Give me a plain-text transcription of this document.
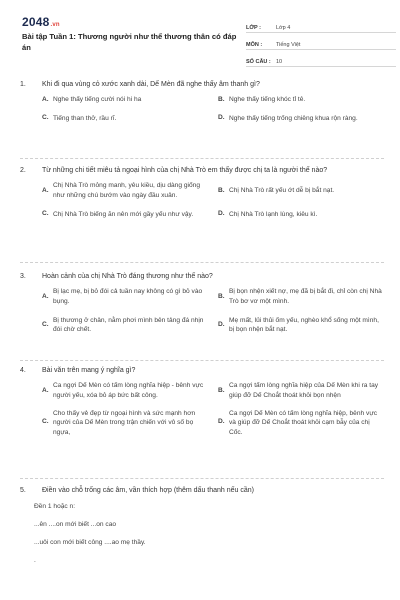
2048.vn
Bài tập Tuần 1: Thương người như thể thương thân có đáp án
LỚP :	Lớp 4
MÔN :	Tiếng Việt
SỐ CÂU : 10
1.	Khi đi qua vùng cỏ xước xanh dài, Dế Mèn đã nghe thấy âm thanh gì?
A. Nghe thấy tiếng cười nói hi ha	B. Nghe thấy tiếng khóc tỉ tê.
C. Tiếng than thở, rầu rĩ.	D. Nghe thấy tiếng trống chiêng khua rộn ràng.
2.	Từ những chi tiết miêu tả ngoại hình của chị Nhà Trò em thấy được chị ta là người thế nào?
A.
Chị Nhà Trò mỏng manh, yêu kiều, dịu dàng giống như những chú bướm vào ngày đầu xuân.
B. Chị Nhà Trò rất yếu ớt dễ bị bắt nạt.
C. Chị Nhà Trò biếng ăn nên mới gầy yếu như vậy.	D. Chị Nhà Trò lạnh lùng, kiêu kì.
3.	Hoàn cảnh của chị Nhà Trò đáng thương như thế nào?
A.
Bị lạc mẹ, bị bỏ đói cả tuần nay không có gì bỏ vào bụng.
B.
Bị bọn nhện xiết nợ, mẹ đã bị bắt đi, chỉ còn chị Nhà Trò bơ vơ một mình.
C.
Bị thương ở chân, nằm phơi mình bên tảng đá nhịn đói chờ chết.
D.
Mẹ mất, lủi thủi ốm yếu, nghèo khổ sống một mình, bị bọn nhện bắt nạt.
4.	Bài văn trên mang ý nghĩa gì?
A.
Ca ngợi Dế Mèn có tấm lòng nghĩa hiệp - bênh vực người yếu, xóa bỏ áp bức bất công.
B.
Ca ngợi tấm lòng nghĩa hiệp của Dế Mèn khi ra tay giúp đỡ Dế Choắt thoát khỏi bọn nhện
C.
Cho thấy vẻ đẹp từ ngoại hình và sức mạnh hơn người của Dế Mèn trong trận chiến với vô số bọ ngựa,
D.
Ca ngợi Dế Mèn có tấm lòng nghĩa hiệp, bênh vực và giúp đỡ Dế Choắt thoát khỏi cạm bẫy của chị Cốc.
5.	Điền vào chỗ trống các âm, vần thích hợp (thêm dấu thanh nếu cần)
Đền 1 hoặc n:
...ên ....on mới biết ...on cao
...uôi con mới biết công ....ao mẹ thầy.
.
